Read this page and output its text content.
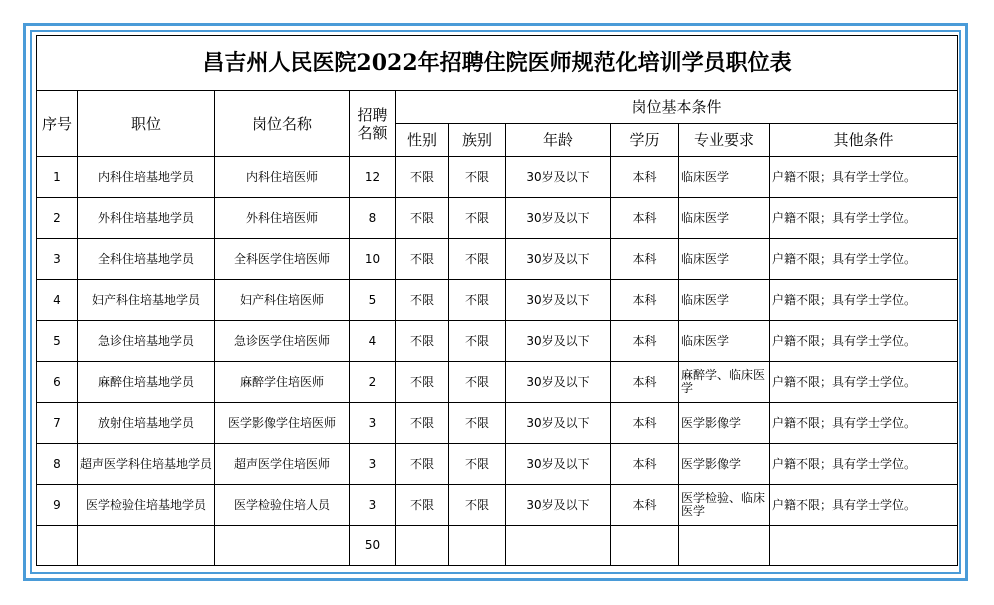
昌吉州人民医院2022年招聘住院医师规范化培训学员职位表									
序号	职位	岗位名称	招聘名额	岗位基本条件					
				性别	族别	年龄	学历	专业要求	其他条件
1	内科住培基地学员	内科住培医师	12	不限	不限	30岁及以下	本科	临床医学	户籍不限；具有学士学位。
2	外科住培基地学员	外科住培医师	8	不限	不限	30岁及以下	本科	临床医学	户籍不限；具有学士学位。
3	全科住培基地学员	全科医学住培医师	10	不限	不限	30岁及以下	本科	临床医学	户籍不限；具有学士学位。
4	妇产科住培基地学员	妇产科住培医师	5	不限	不限	30岁及以下	本科	临床医学	户籍不限；具有学士学位。
5	急诊住培基地学员	急诊医学住培医师	4	不限	不限	30岁及以下	本科	临床医学	户籍不限；具有学士学位。
6	麻醉住培基地学员	麻醉学住培医师	2	不限	不限	30岁及以下	本科	麻醉学、临床医学	户籍不限；具有学士学位。
7	放射住培基地学员	医学影像学住培医师	3	不限	不限	30岁及以下	本科	医学影像学	户籍不限；具有学士学位。
8	超声医学科住培基地学员	超声医学住培医师	3	不限	不限	30岁及以下	本科	医学影像学	户籍不限；具有学士学位。
9	医学检验住培基地学员	医学检验住培人员	3	不限	不限	30岁及以下	本科	医学检验、临床医学	户籍不限；具有学士学位。
			50						
